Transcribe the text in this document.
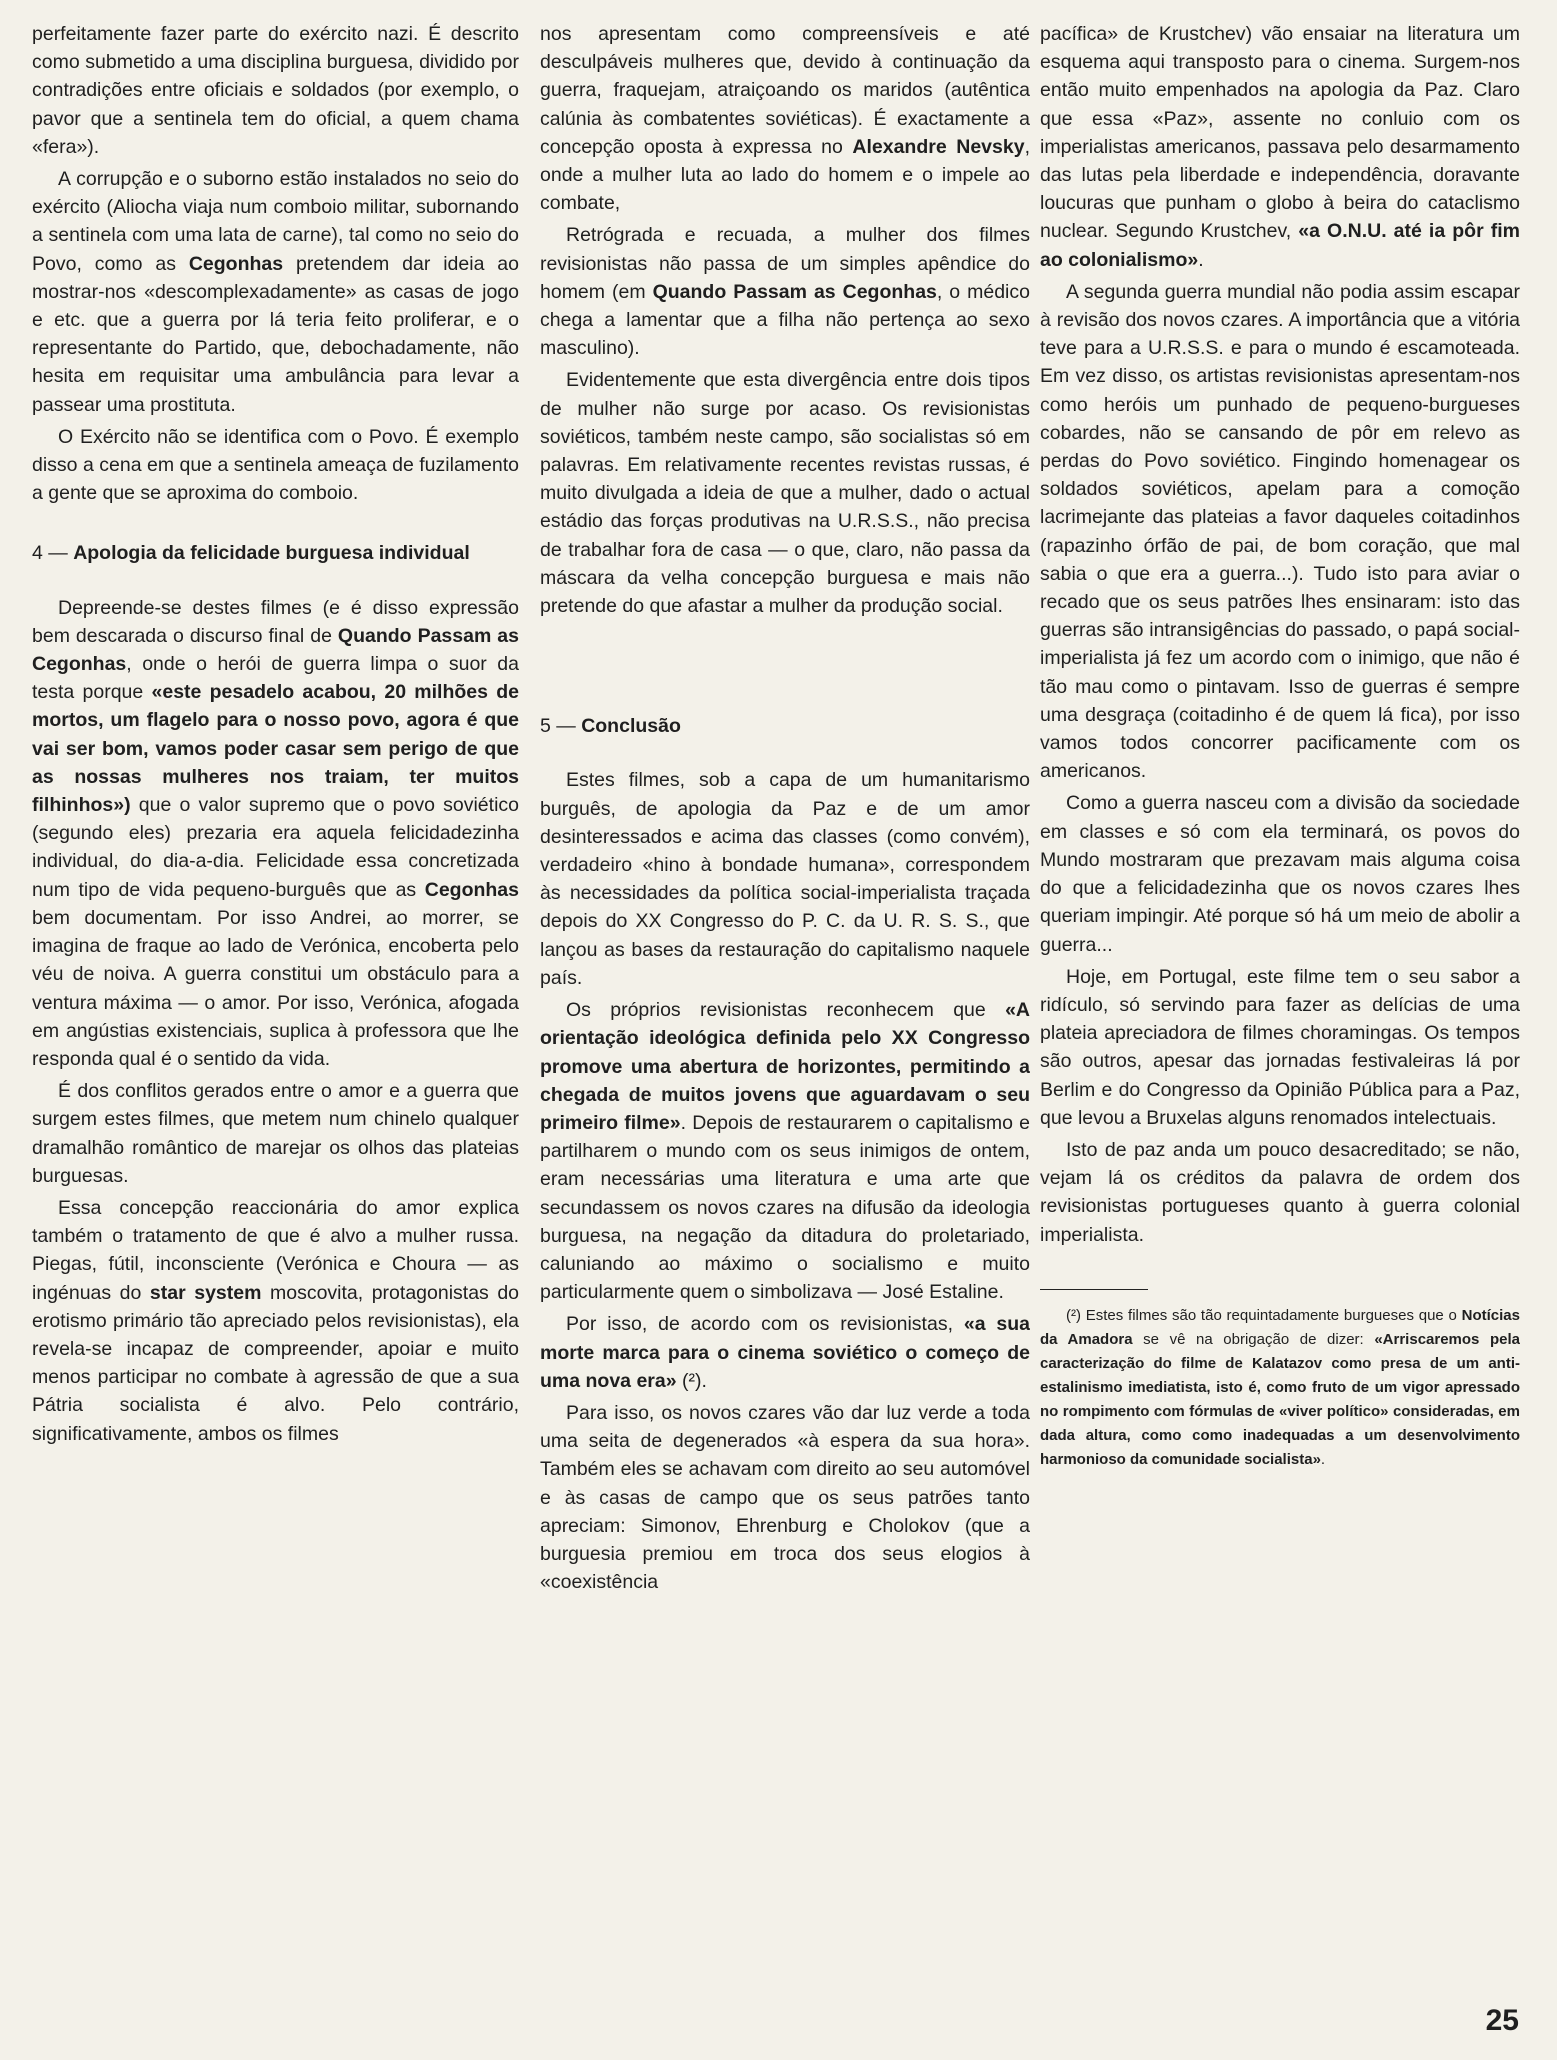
perfeitamente fazer parte do exército nazi. É descrito como submetido a uma disciplina burguesa, dividido por contradições entre oficiais e soldados (por exemplo, o pavor que a sentinela tem do oficial, a quem chama «fera»).

A corrupção e o suborno estão instalados no seio do exército (Aliocha viaja num comboio militar, subornando a sentinela com uma lata de carne), tal como no seio do Povo, como as Cegonhas pretendem dar ideia ao mostrar-nos «descomplexadamente» as casas de jogo e etc. que a guerra por lá teria feito proliferar, e o representante do Partido, que, debochadamente, não hesita em requisitar uma ambulância para levar a passear uma prostituta.

O Exército não se identifica com o Povo. É exemplo disso a cena em que a sentinela ameaça de fuzilamento a gente que se aproxima do comboio.

4 — Apologia da felicidade burguesa individual

Depreende-se destes filmes (e é disso expressão bem descarada o discurso final de Quando Passam as Cegonhas, onde o herói de guerra limpa o suor da testa porque «este pesadelo acabou, 20 milhões de mortos, um flagelo para o nosso povo, agora é que vai ser bom, vamos poder casar sem perigo de que as nossas mulheres nos traiam, ter muitos filhinhos») que o valor supremo que o povo soviético (segundo eles) prezaria era aquela felicidadezinha individual, do dia-a-dia. Felicidade essa concretizada num tipo de vida pequeno-burguês que as Cegonhas bem documentam. Por isso Andrei, ao morrer, se imagina de fraque ao lado de Verónica, encoberta pelo véu de noiva. A guerra constitui um obstáculo para a ventura máxima — o amor. Por isso, Verónica, afogada em angústias existenciais, suplica à professora que lhe responda qual é o sentido da vida.

É dos conflitos gerados entre o amor e a guerra que surgem estes filmes, que metem num chinelo qualquer dramalhão romântico de marejar os olhos das plateias burguesas.

Essa concepção reaccionária do amor explica também o tratamento de que é alvo a mulher russa. Piegas, fútil, inconsciente (Verónica e Choura — as ingénuas do star system moscovita, protagonistas do erotismo primário tão apreciado pelos revisionistas), ela revela-se incapaz de compreender, apoiar e muito menos participar no combate à agressão de que a sua Pátria socialista é alvo. Pelo contrário, significativamente, ambos os filmes

nos apresentam como compreensíveis e até desculpáveis mulheres que, devido à continuação da guerra, fraquejam, atraiçoando os maridos (autêntica calúnia às combatentes soviéticas). É exactamente a concepção oposta à expressa no Alexandre Nevsky, onde a mulher luta ao lado do homem e o impele ao combate,

Retrógrada e recuada, a mulher dos filmes revisionistas não passa de um simples apêndice do homem (em Quando Passam as Cegonhas, o médico chega a lamentar que a filha não pertença ao sexo masculino).

Evidentemente que esta divergência entre dois tipos de mulher não surge por acaso. Os revisionistas soviéticos, também neste campo, são socialistas só em palavras. Em relativamente recentes revistas russas, é muito divulgada a ideia de que a mulher, dado o actual estádio das forças produtivas na U.R.S.S., não precisa de trabalhar fora de casa — o que, claro, não passa da máscara da velha concepção burguesa e mais não pretende do que afastar a mulher da produção social.

5 — Conclusão

Estes filmes, sob a capa de um humanitarismo burguês, de apologia da Paz e de um amor desinteressados e acima das classes (como convém), verdadeiro «hino à bondade humana», correspondem às necessidades da política social-imperialista traçada depois do XX Congresso do P. C. da U. R. S. S., que lançou as bases da restauração do capitalismo naquele país.

Os próprios revisionistas reconhecem que «A orientação ideológica definida pelo XX Congresso promove uma abertura de horizontes, permitindo a chegada de muitos jovens que aguardavam o seu primeiro filme». Depois de restaurarem o capitalismo e partilharem o mundo com os seus inimigos de ontem, eram necessárias uma literatura e uma arte que secundassem os novos czares na difusão da ideologia burguesa, na negação da ditadura do proletariado, caluniando ao máximo o socialismo e muito particularmente quem o simbolizava — José Estaline.

Por isso, de acordo com os revisionistas, «a sua morte marca para o cinema soviético o começo de uma nova era» (²).

Para isso, os novos czares vão dar luz verde a toda uma seita de degenerados «à espera da sua hora». Também eles se achavam com direito ao seu automóvel e às casas de campo que os seus patrões tanto apreciam: Simonov, Ehrenburg e Cholokov (que a burguesia premiou em troca dos seus elogios à «coexistência

pacífica» de Krustchev) vão ensaiar na literatura um esquema aqui transposto para o cinema. Surgem-nos então muito empenhados na apologia da Paz. Claro que essa «Paz», assente no conluio com os imperialistas americanos, passava pelo desarmamento das lutas pela liberdade e independência, doravante loucuras que punham o globo à beira do cataclismo nuclear. Segundo Krustchev, «a O.N.U. até ia pôr fim ao colonialismo».

A segunda guerra mundial não podia assim escapar à revisão dos novos czares. A importância que a vitória teve para a U.R.S.S. e para o mundo é escamoteada. Em vez disso, os artistas revisionistas apresentam-nos como heróis um punhado de pequeno-burgueses cobardes, não se cansando de pôr em relevo as perdas do Povo soviético. Fingindo homenagear os soldados soviéticos, apelam para a comoção lacrimejante das plateias a favor daqueles coitadinhos (rapazinho órfão de pai, de bom coração, que mal sabia o que era a guerra...). Tudo isto para aviar o recado que os seus patrões lhes ensinaram: isto das guerras são intransigências do passado, o papá social-imperialista já fez um acordo com o inimigo, que não é tão mau como o pintavam. Isso de guerras é sempre uma desgraça (coitadinho é de quem lá fica), por isso vamos todos concorrer pacificamente com os americanos.

Como a guerra nasceu com a divisão da sociedade em classes e só com ela terminará, os povos do Mundo mostraram que prezavam mais alguma coisa do que a felicidadezinha que os novos czares lhes queriam impingir. Até porque só há um meio de abolir a guerra...

Hoje, em Portugal, este filme tem o seu sabor a ridículo, só servindo para fazer as delícias de uma plateia apreciadora de filmes choramingas. Os tempos são outros, apesar das jornadas festivaleiras lá por Berlim e do Congresso da Opinião Pública para a Paz, que levou a Bruxelas alguns renomados intelectuais.

Isto de paz anda um pouco desacreditado; se não, vejam lá os créditos da palavra de ordem dos revisionistas portugueses quanto à guerra colonial imperialista.

(²) Estes filmes são tão requintadamente burgueses que o Notícias da Amadora se vê na obrigação de dizer: «Arriscaremos pela caracterização do filme de Kalatazov como presa de um anti-estalinismo imediatista, isto é, como fruto de um vigor apressado no rompimento com fórmulas de «viver político» consideradas, em dada altura, como como inadequadas a um desenvolvimento harmonioso da comunidade socialista».

25
